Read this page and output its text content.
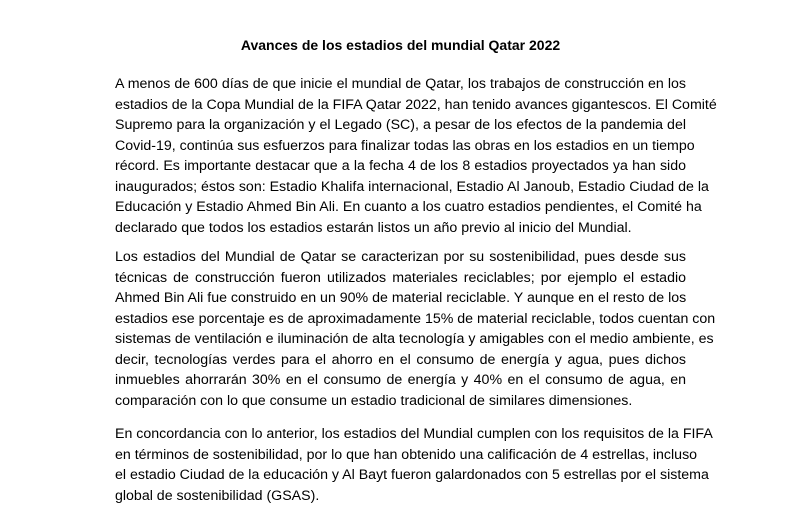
Avances de los estadios del mundial Qatar 2022

A menos de 600 días de que inicie el mundial de Qatar, los trabajos de construcción en los
estadios de la Copa Mundial de la FIFA Qatar 2022, han tenido avances gigantescos. El Comité
Supremo para la organización y el Legado (SC), a pesar de los efectos de la pandemia del
Covid-19, continúa sus esfuerzos para finalizar todas las obras en los estadios en un tiempo
récord. Es importante destacar que a la fecha 4 de los 8 estadios proyectados ya han sido
inaugurados; éstos son: Estadio Khalifa internacional, Estadio Al Janoub, Estadio Ciudad de la
Educación y Estadio Ahmed Bin Ali. En cuanto a los cuatro estadios pendientes, el Comité ha
declarado que todos los estadios estarán listos un año previo al inicio del Mundial.

Los estadios del Mundial de Qatar se caracterizan por su sostenibilidad, pues desde sus
técnicas de construcción fueron utilizados materiales reciclables; por ejemplo el estadio
Ahmed Bin Ali fue construido en un 90% de material reciclable. Y aunque en el resto de los
estadios ese porcentaje es de aproximadamente 15% de material reciclable, todos cuentan con
sistemas de ventilación e iluminación de alta tecnología y amigables con el medio ambiente, es
decir, tecnologías verdes para el ahorro en el consumo de energía y agua, pues dichos
inmuebles ahorrarán 30% en el consumo de energía y 40% en el consumo de agua, en
comparación con lo que consume un estadio tradicional de similares dimensiones.

En concordancia con lo anterior, los estadios del Mundial cumplen con los requisitos de la FIFA
en términos de sostenibilidad, por lo que han obtenido una calificación de 4 estrellas, incluso
el estadio Ciudad de la educación y Al Bayt fueron galardonados con 5 estrellas por el sistema
global de sostenibilidad (GSAS).
